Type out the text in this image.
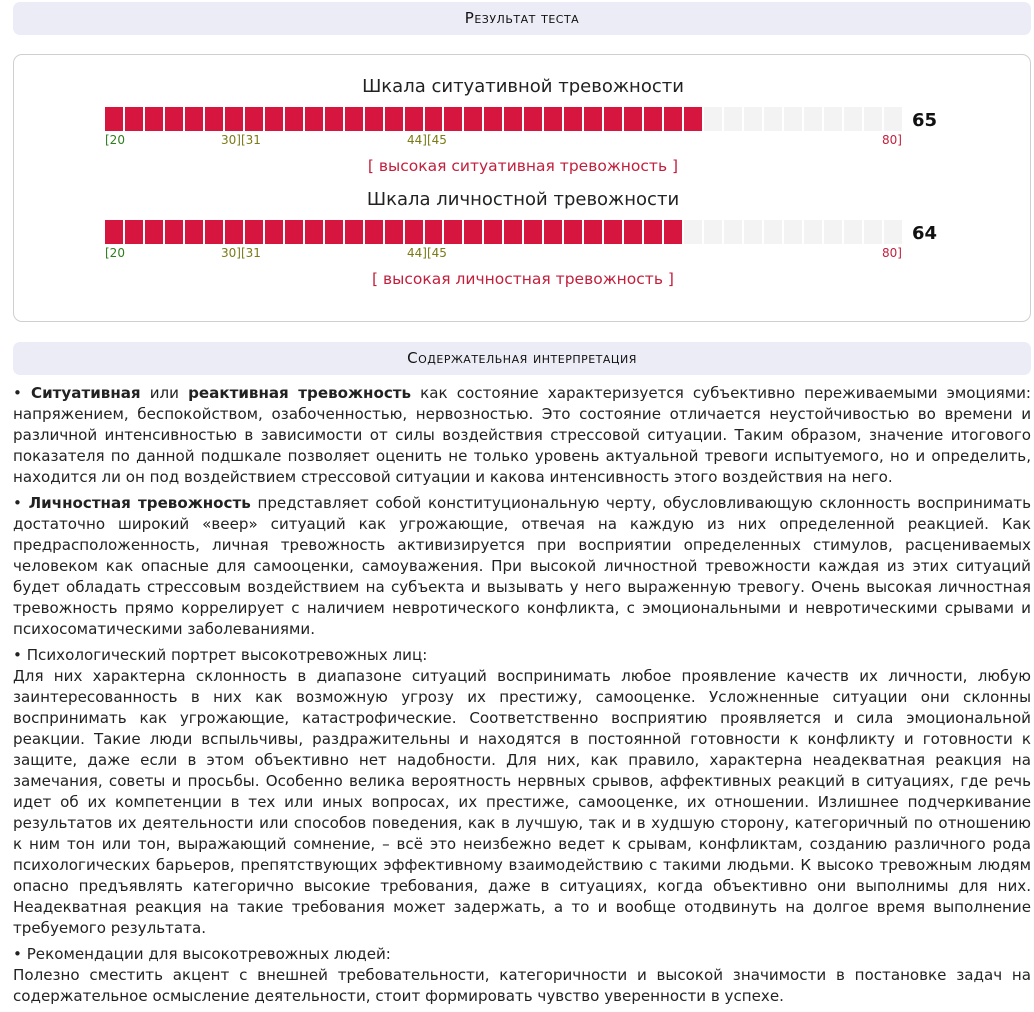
Результат теста
Шкала ситуативной тревожности
65
[20	30][31	44][45	80]
[ высокая ситуативная тревожность ]
Шкала личностной тревожности
64
[20	30][31	44][45	80]
[ высокая личностная тревожность ]
Содержательная интерпретация

• Ситуативная или реактивная тревожность как состояние характеризуется субъективно переживаемыми эмоциями: напряжением, беспокойством, озабоченностью, нервозностью. Это состояние отличается неустойчивостью во времени и различной интенсивностью в зависимости от силы воздействия стрессовой ситуации. Таким образом, значение итогового показателя по данной подшкале позволяет оценить не только уровень актуальной тревоги испытуемого, но и определить, находится ли он под воздействием стрессовой ситуации и какова интенсивность этого воздействия на него.

• Личностная тревожность представляет собой конституциональную черту, обусловливающую склонность воспринимать достаточно широкий «веер» ситуаций как угрожающие, отвечая на каждую из них определенной реакцией. Как предрасположенность, личная тревожность активизируется при восприятии определенных стимулов, расцениваемых человеком как опасные для самооценки, самоуважения. При высокой личностной тревожности каждая из этих ситуаций будет обладать стрессовым воздействием на субъекта и вызывать у него выраженную тревогу. Очень высокая личностная тревожность прямо коррелирует с наличием невротического конфликта, с эмоциональными и невротическими срывами и психосоматическими заболеваниями.

• Психологический портрет высокотревожных лиц:
Для них характерна склонность в диапазоне ситуаций воспринимать любое проявление качеств их личности, любую заинтересованность в них как возможную угрозу их престижу, самооценке. Усложненные ситуации они склонны воспринимать как угрожающие, катастрофические. Соответственно восприятию проявляется и сила эмоциональной реакции. Такие люди вспыльчивы, раздражительны и находятся в постоянной готовности к конфликту и готовности к защите, даже если в этом объективно нет надобности. Для них, как правило, характерна неадекватная реакция на замечания, советы и просьбы. Особенно велика вероятность нервных срывов, аффективных реакций в ситуациях, где речь идет об их компетенции в тех или иных вопросах, их престиже, самооценке, их отношении. Излишнее подчеркивание результатов их деятельности или способов поведения, как в лучшую, так и в худшую сторону, категоричный по отношению к ним тон или тон, выражающий сомнение, – всё это неизбежно ведет к срывам, конфликтам, созданию различного рода психологических барьеров, препятствующих эффективному взаимодействию с такими людьми. К высоко тревожным людям опасно предъявлять категорично высокие требования, даже в ситуациях, когда объективно они выполнимы для них. Неадекватная реакция на такие требования может задержать, а то и вообще отодвинуть на долгое время выполнение требуемого результата.
• Рекомендации для высокотревожных людей:
Полезно сместить акцент с внешней требовательности, категоричности и высокой значимости в постановке задач на содержательное осмысление деятельности, стоит формировать чувство уверенности в успехе.
